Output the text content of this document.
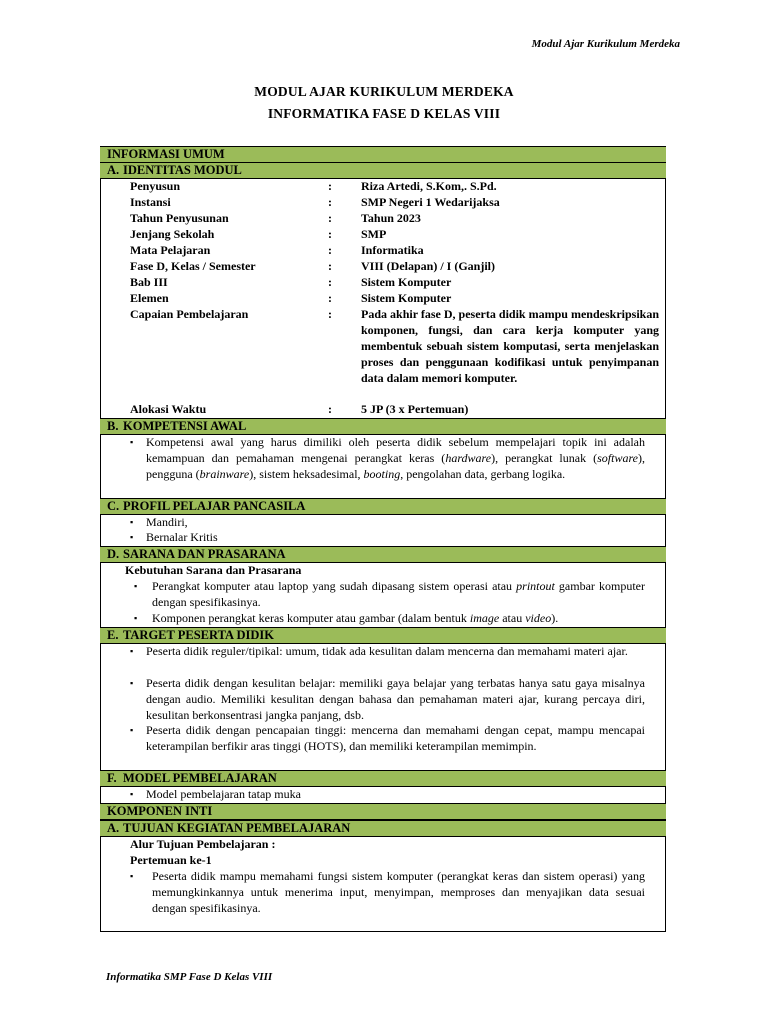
Modul Ajar Kurikulum Merdeka
MODUL AJAR KURIKULUM MERDEKA
INFORMATIKA FASE D KELAS VIII
INFORMASI UMUM
A. IDENTITAS MODUL
Penyusun	: Riza Artedi, S.Kom,. S.Pd.
Instansi	: SMP Negeri 1 Wedarijaksa
Tahun Penyusunan	: Tahun 2023
Jenjang Sekolah	: SMP
Mata Pelajaran	: Informatika
Fase D, Kelas / Semester	: VIII (Delapan) / I (Ganjil)
Bab III	: Sistem Komputer
Elemen	: Sistem Komputer
Capaian Pembelajaran	: Pada akhir fase D, peserta didik mampu mendeskripsikan komponen, fungsi, dan cara kerja komputer yang membentuk sebuah sistem komputasi, serta menjelaskan proses dan penggunaan kodifikasi untuk penyimpanan data dalam memori komputer.
Alokasi Waktu	: 5 JP (3 x Pertemuan)
B. KOMPETENSI AWAL
▪ Kompetensi awal yang harus dimiliki oleh peserta didik sebelum mempelajari topik ini adalah kemampuan dan pemahaman mengenai perangkat keras (hardware), perangkat lunak (software), pengguna (brainware), sistem heksadesimal, booting, pengolahan data, gerbang logika.
C. PROFIL PELAJAR PANCASILA
▪ Mandiri,
▪ Bernalar Kritis
D. SARANA DAN PRASARANA
Kebutuhan Sarana dan Prasarana
▪ Perangkat komputer atau laptop yang sudah dipasang sistem operasi atau printout gambar komputer dengan spesifikasinya.
▪ Komponen perangkat keras komputer atau gambar (dalam bentuk image atau video).
E. TARGET PESERTA DIDIK
▪ Peserta didik reguler/tipikal: umum, tidak ada kesulitan dalam mencerna dan memahami materi ajar.
▪ Peserta didik dengan kesulitan belajar: memiliki gaya belajar yang terbatas hanya satu gaya misalnya dengan audio. Memiliki kesulitan dengan bahasa dan pemahaman materi ajar, kurang percaya diri, kesulitan berkonsentrasi jangka panjang, dsb.
▪ Peserta didik dengan pencapaian tinggi: mencerna dan memahami dengan cepat, mampu mencapai keterampilan berfikir aras tinggi (HOTS), dan memiliki keterampilan memimpin.
F. MODEL PEMBELAJARAN
▪ Model pembelajaran tatap muka
KOMPONEN INTI
A. TUJUAN KEGIATAN PEMBELAJARAN
Alur Tujuan Pembelajaran :
Pertemuan ke-1
▪ Peserta didik mampu memahami fungsi sistem komputer (perangkat keras dan sistem operasi) yang memungkinkannya untuk menerima input, menyimpan, memproses dan menyajikan data sesuai dengan spesifikasinya.
Informatika SMP Fase D Kelas VIII
